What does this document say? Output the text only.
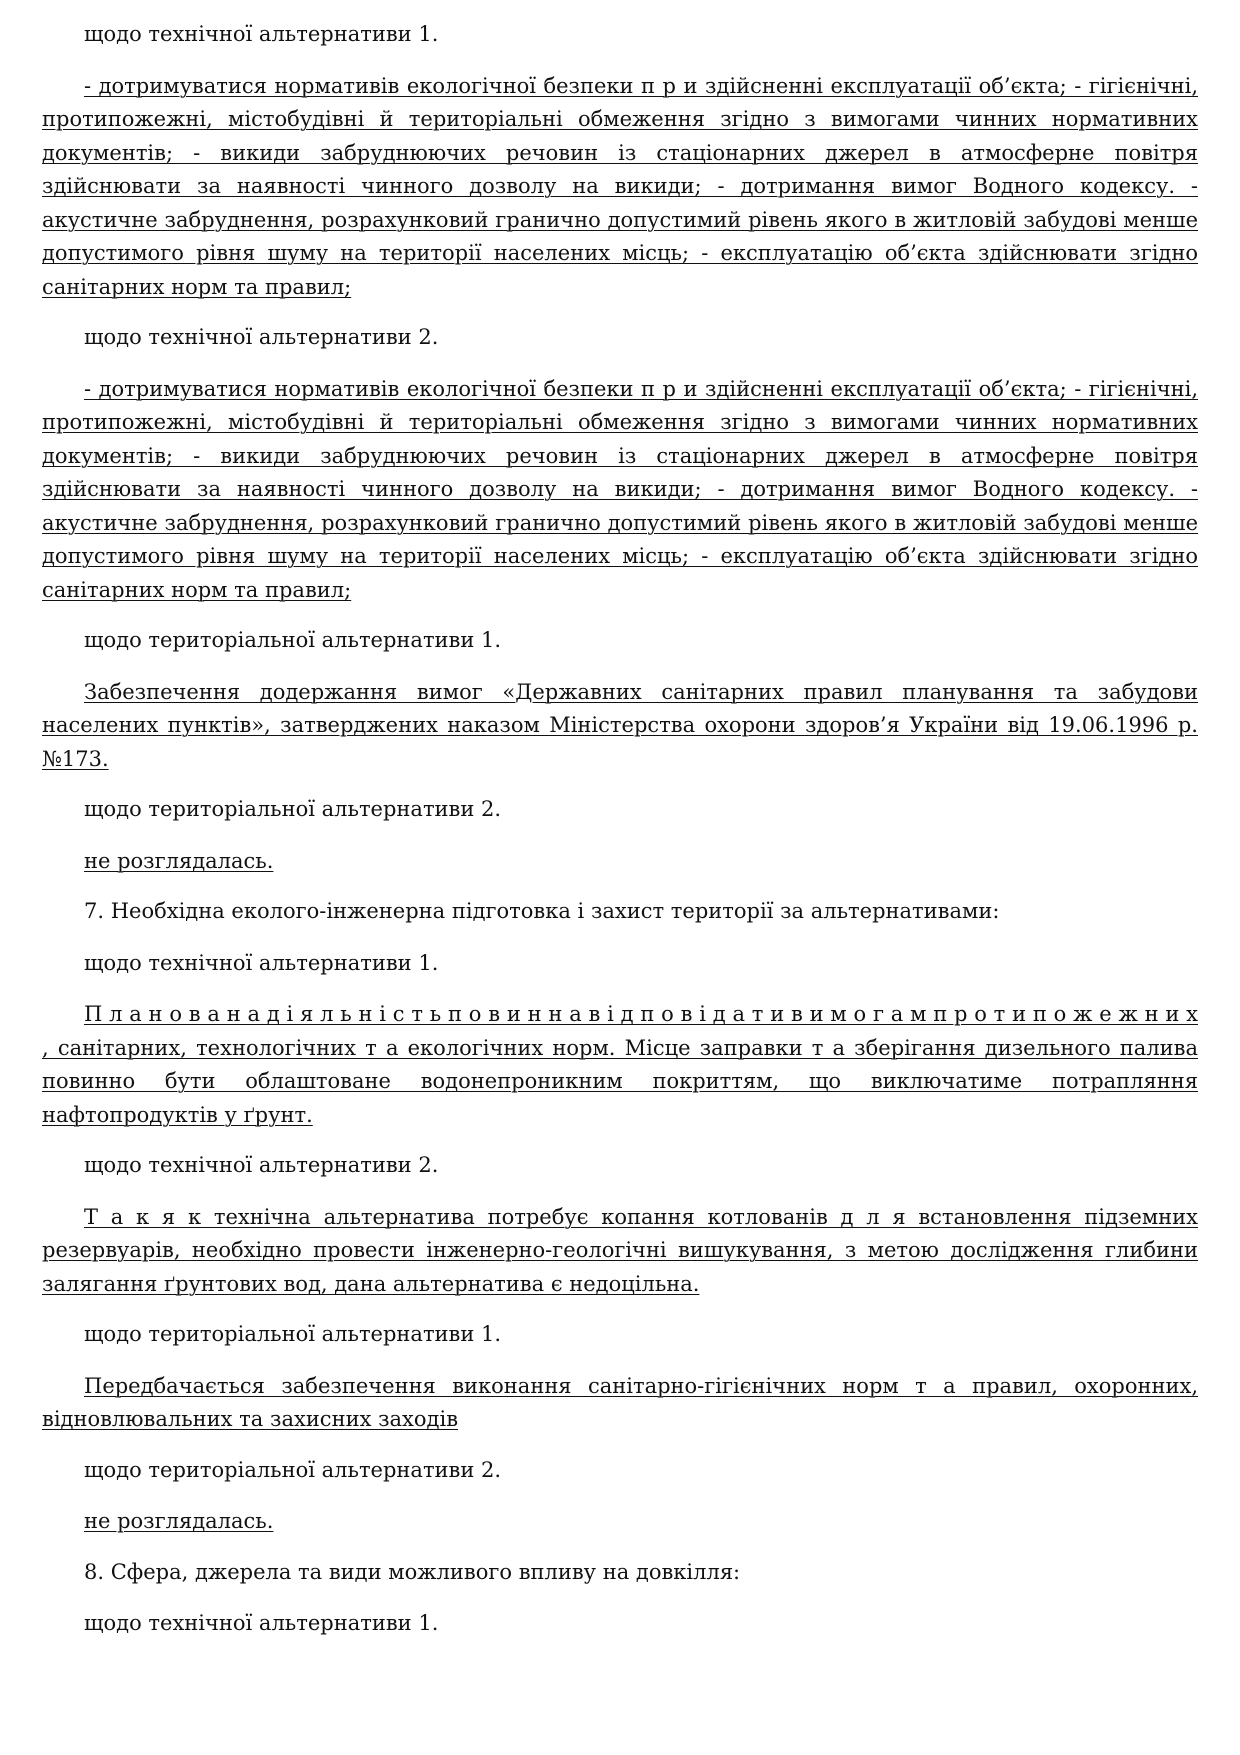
щодо технічної альтернативи 1.

- дотримуватися нормативів екологічної безпеки п р и здійсненні експлуатації об’єкта; - гігієнічні, протипожежні, містобудівні й територіальні обмеження згідно з вимогами чинних нормативних документів; - викиди забруднюючих речовин із стаціонарних джерел в атмосферне повітря здійснювати за наявності чинного дозволу на викиди; - дотримання вимог Водного кодексу. - акустичне забруднення, розрахунковий гранично допустимий рівень якого в житловій забудові менше допустимого рівня шуму на території населених місць; - експлуатацію об’єкта здійснювати згідно санітарних норм та правил;

щодо технічної альтернативи 2.

- дотримуватися нормативів екологічної безпеки п р и здійсненні експлуатації об’єкта; - гігієнічні, протипожежні, містобудівні й територіальні обмеження згідно з вимогами чинних нормативних документів; - викиди забруднюючих речовин із стаціонарних джерел в атмосферне повітря здійснювати за наявності чинного дозволу на викиди; - дотримання вимог Водного кодексу. - акустичне забруднення, розрахунковий гранично допустимий рівень якого в житловій забудові менше допустимого рівня шуму на території населених місць; - експлуатацію об’єкта здійснювати згідно санітарних норм та правил;

щодо територіальної альтернативи 1.

Забезпечення додержання вимог «Державних санітарних правил планування та забудови населених пунктів», затверджених наказом Міністерства охорони здоров’я України від 19.06.1996 р. №173.

щодо територіальної альтернативи 2.

не розглядалась.

7. Необхідна еколого-інженерна підготовка і захист території за альтернативами:

щодо технічної альтернативи 1.

П л а н о в а н а д і я л ь н і с т ь п о в и н н а в і д п о в і д а т и в и м о г а м п р о т и п о ж е ж н и х , санітарних, технологічних т а екологічних норм. Місце заправки т а зберігання дизельного палива повинно бути облаштоване водонепроникним покриттям, що виключатиме потрапляння нафтопродуктів у ґрунт.

щодо технічної альтернативи 2.

Т а к я к технічна альтернатива потребує копання котлованів д л я встановлення підземних резервуарів, необхідно провести інженерно-геологічні вишукування, з метою дослідження глибини залягання ґрунтових вод, дана альтернатива є недоцільна.

щодо територіальної альтернативи 1.

Передбачається забезпечення виконання санітарно-гігієнічних норм т а правил, охоронних, відновлювальних та захисних заходів

щодо територіальної альтернативи 2.

не розглядалась.

8. Сфера, джерела та види можливого впливу на довкілля:

щодо технічної альтернативи 1.
